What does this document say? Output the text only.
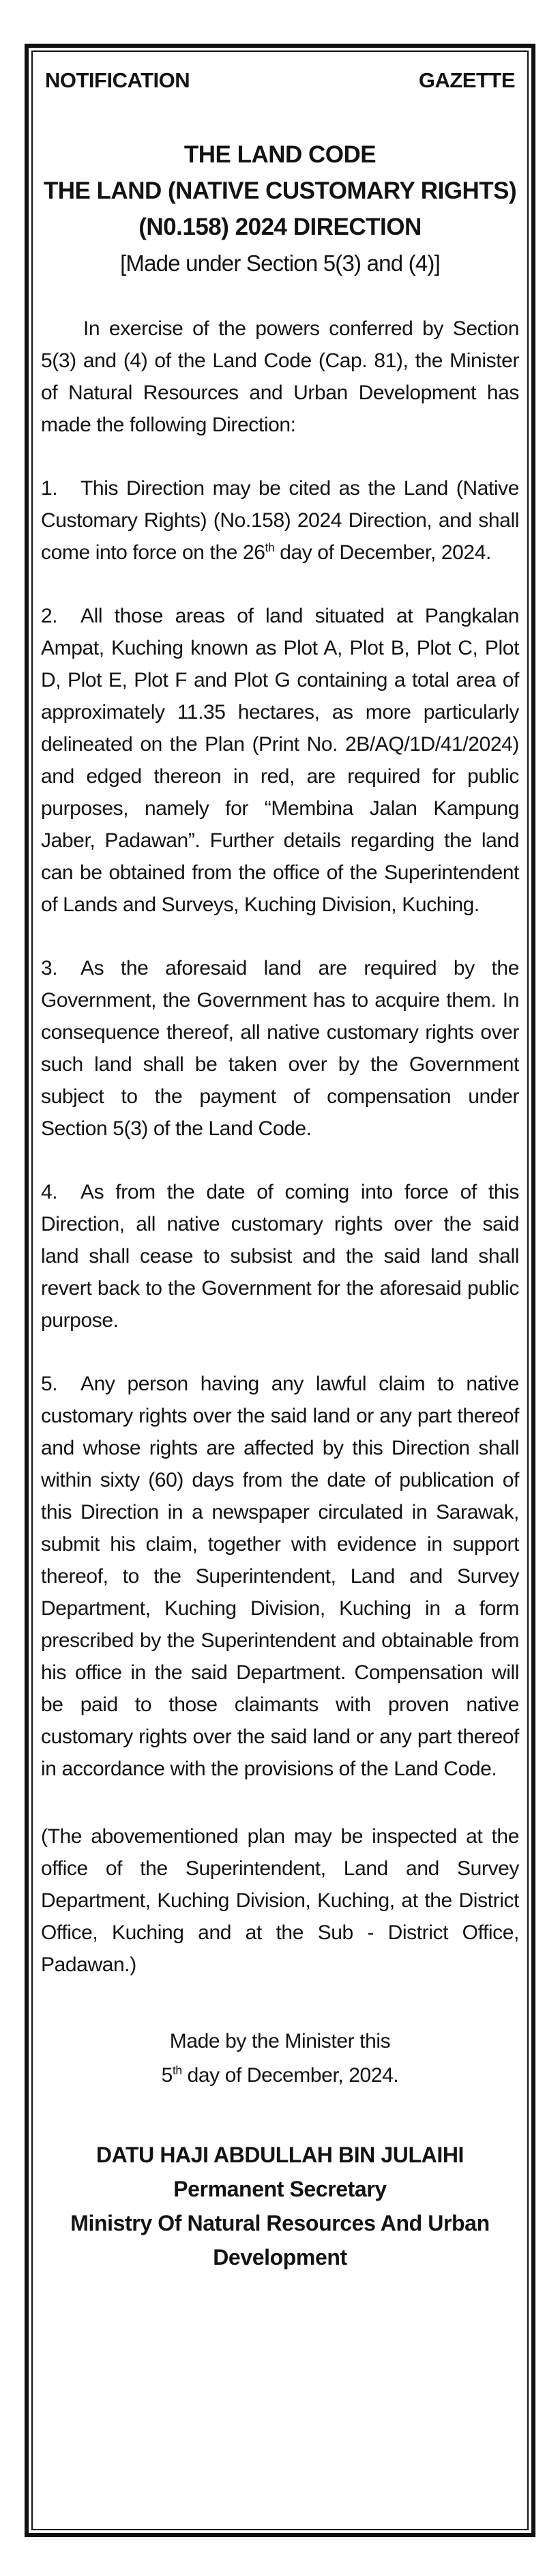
NOTIFICATION	GAZETTE
THE LAND CODE
THE LAND (NATIVE CUSTOMARY RIGHTS)
(N0.158) 2024 DIRECTION
[Made under Section 5(3) and (4)]

In exercise of the powers conferred by Section 5(3) and (4) of the Land Code (Cap. 81), the Minister of Natural Resources and Urban Development has made the following Direction:

1. This Direction may be cited as the Land (Native Customary Rights) (No.158) 2024 Direction, and shall come into force on the 26th day of December, 2024.

2. All those areas of land situated at Pangkalan Ampat, Kuching known as Plot A, Plot B, Plot C, Plot D, Plot E, Plot F and Plot G containing a total area of approximately 11.35 hectares, as more particularly delineated on the Plan (Print No. 2B/AQ/1D/41/2024) and edged thereon in red, are required for public purposes, namely for “Membina Jalan Kampung Jaber, Padawan”. Further details regarding the land can be obtained from the office of the Superintendent of Lands and Surveys, Kuching Division, Kuching.

3. As the aforesaid land are required by the Government, the Government has to acquire them. In consequence thereof, all native customary rights over such land shall be taken over by the Government subject to the payment of compensation under Section 5(3) of the Land Code.

4. As from the date of coming into force of this Direction, all native customary rights over the said land shall cease to subsist and the said land shall revert back to the Government for the aforesaid public purpose.

5. Any person having any lawful claim to native customary rights over the said land or any part thereof and whose rights are affected by this Direction shall within sixty (60) days from the date of publication of this Direction in a newspaper circulated in Sarawak, submit his claim, together with evidence in support thereof, to the Superintendent, Land and Survey Department, Kuching Division, Kuching in a form prescribed by the Superintendent and obtainable from his office in the said Department. Compensation will be paid to those claimants with proven native customary rights over the said land or any part thereof in accordance with the provisions of the Land Code.

(The abovementioned plan may be inspected at the office of the Superintendent, Land and Survey Department, Kuching Division, Kuching, at the District Office, Kuching and at the Sub - District Office, Padawan.)

Made by the Minister this
5th day of December, 2024.
DATU HAJI ABDULLAH BIN JULAIHI
Permanent Secretary
Ministry Of Natural Resources And Urban Development
